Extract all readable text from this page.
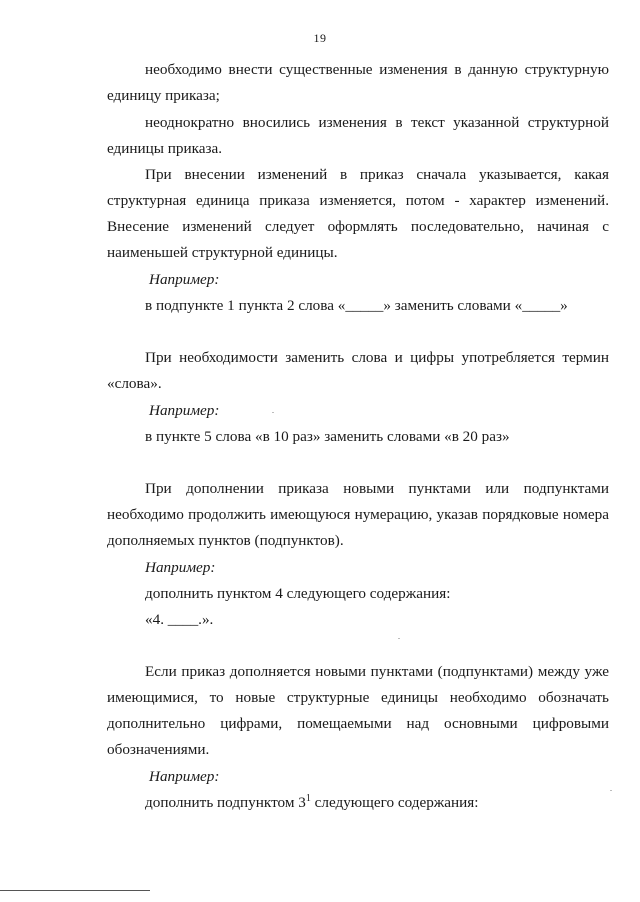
19

необходимо внести существенные изменения в данную структурную

единицу приказа;

неоднократно вносились изменения в текст указанной структурной

единицы приказа.

При внесении изменений в приказ сначала указывается, какая

структурная единица приказа изменяется, потом - характер изменений.

Внесение изменений следует оформлять последовательно, начиная с

наименьшей структурной единицы.

Например:

в подпункте 1 пункта 2 слова «_____» заменить словами «_____»

При необходимости заменить слова и цифры употребляется термин

«слова».

Например:

в пункте 5 слова «в 10 раз» заменить словами «в 20 раз»

При дополнении приказа новыми пунктами или подпунктами

необходимо продолжить имеющуюся нумерацию, указав порядковые номера

дополняемых пунктов (подпунктов).

Например:

дополнить пунктом 4 следующего содержания:

«4. ____.».

Если приказ дополняется новыми пунктами (подпунктами) между уже

имеющимися, то новые структурные единицы необходимо обозначать

дополнительно цифрами, помещаемыми над основными цифровыми

обозначениями.

Например:

дополнить подпунктом $3^1$ следующего содержания:
